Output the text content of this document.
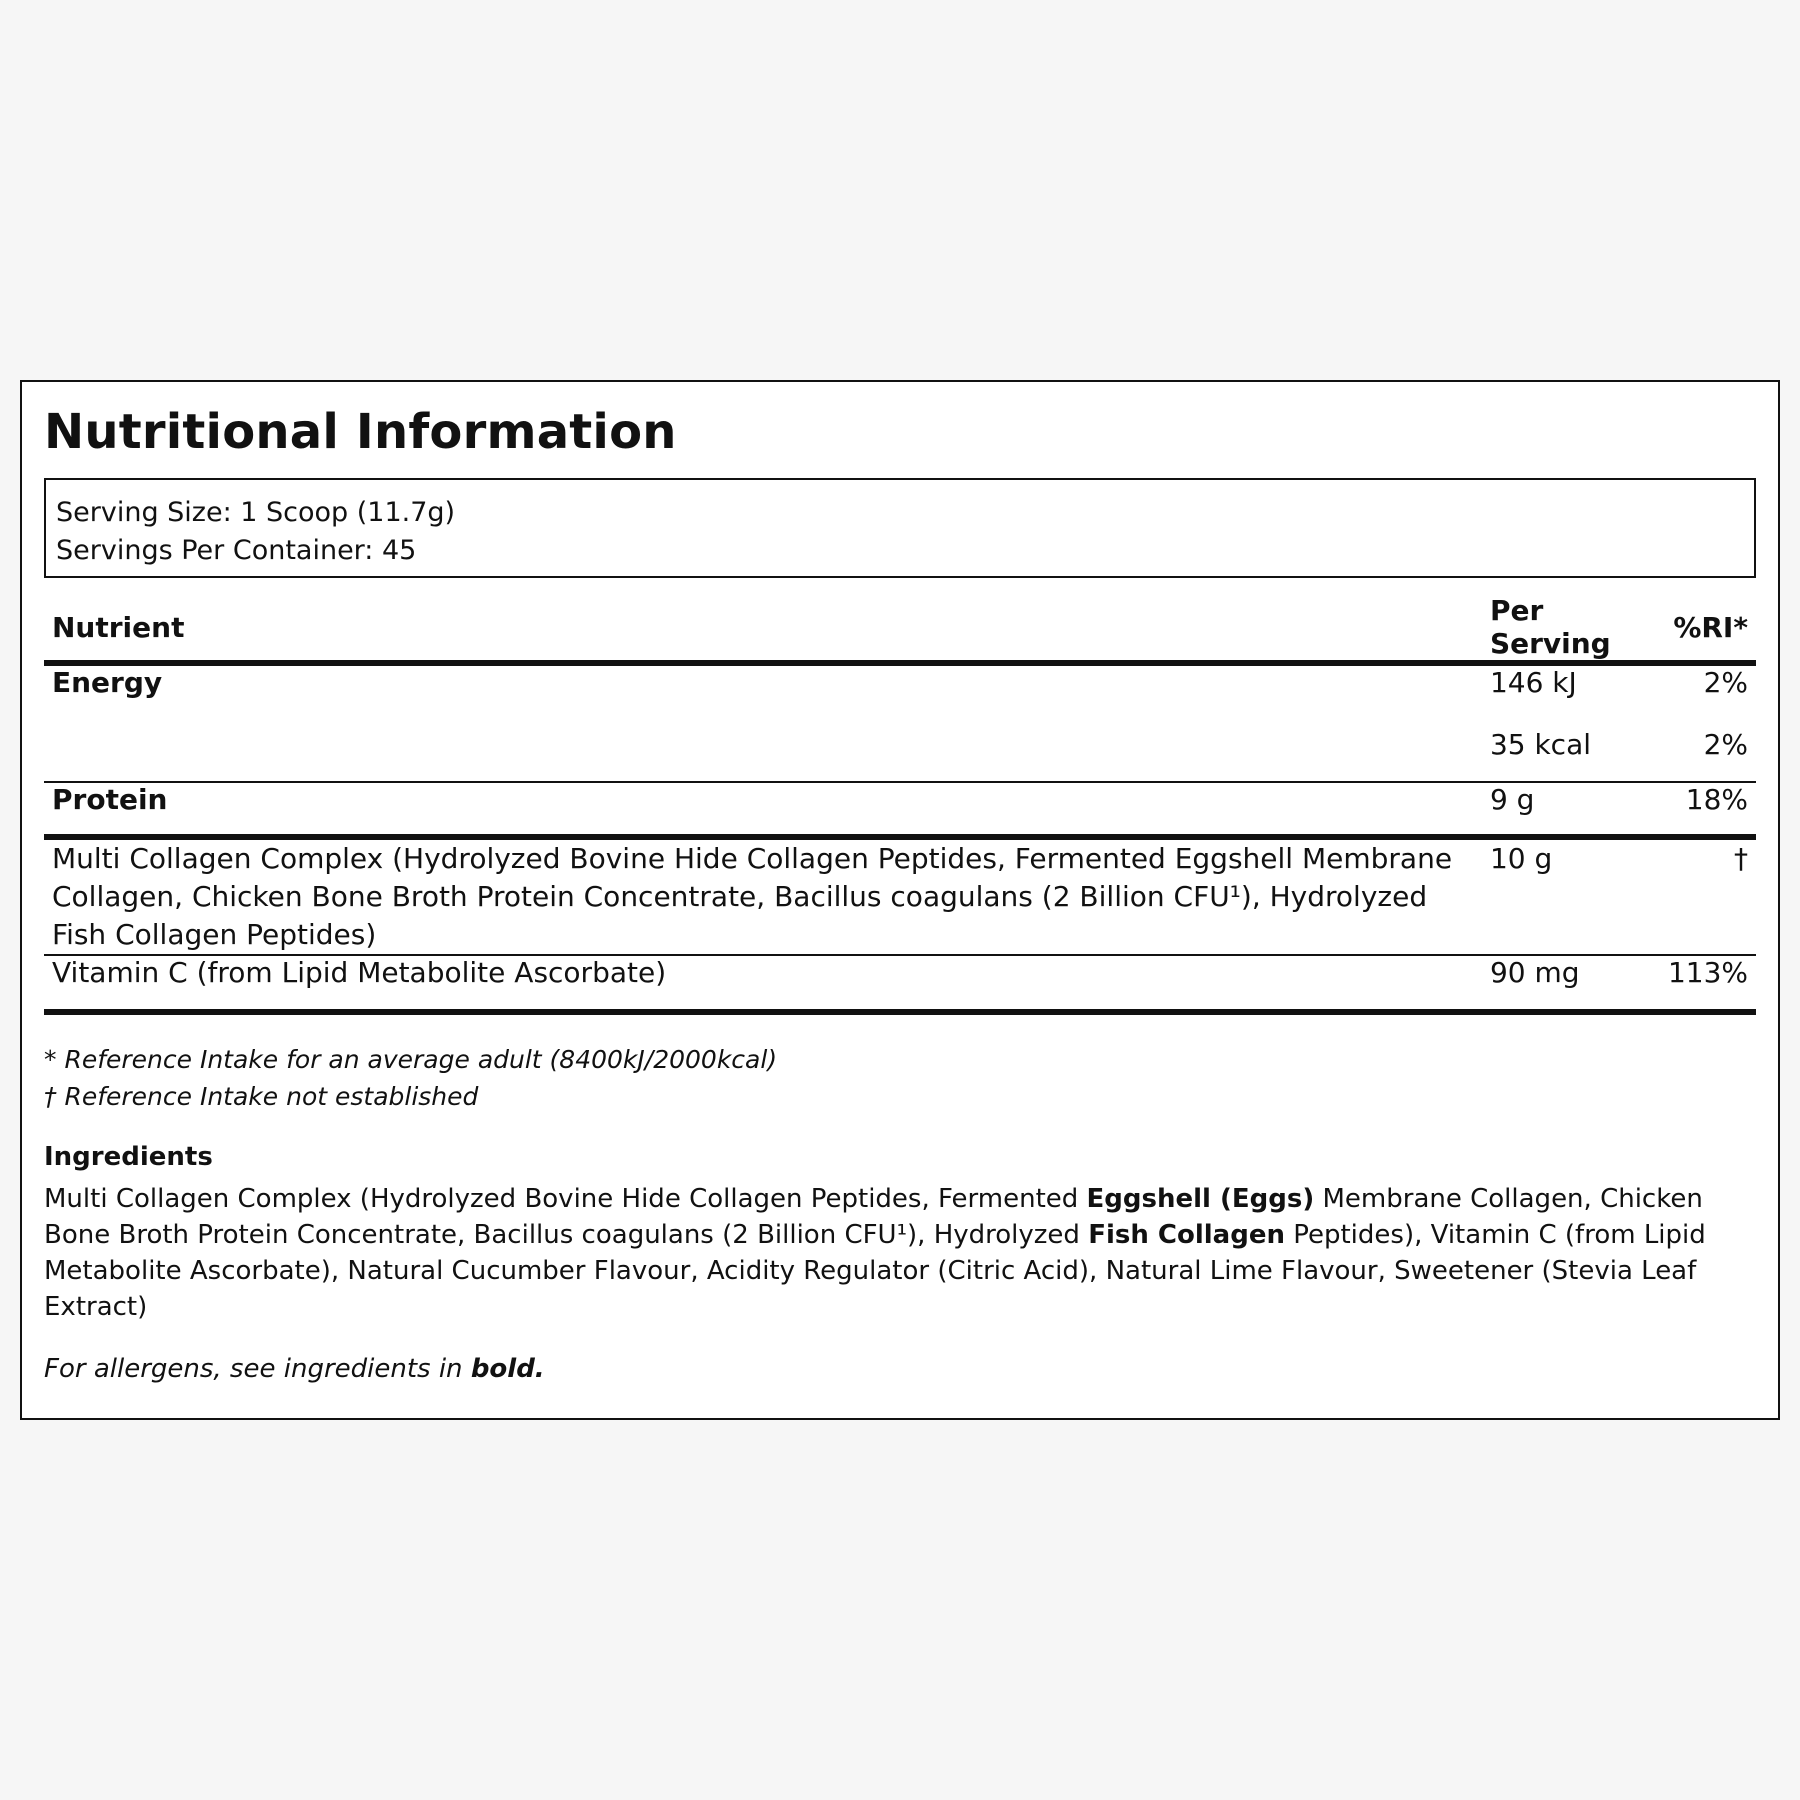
Nutritional Information
Serving Size: 1 Scoop (11.7g)
Servings Per Container: 45
Nutrient	Per Serving	%RI*

Energy	146 kJ	2%
	35 kcal	2%

Protein	9 g	18%

Multi Collagen Complex (Hydrolyzed Bovine Hide Collagen Peptides, Fermented Eggshell Membrane Collagen, Chicken Bone Broth Protein Concentrate, Bacillus coagulans (2 Billion CFU¹), Hydrolyzed Fish Collagen Peptides)	10 g	†

Vitamin C (from Lipid Metabolite Ascorbate)	90 mg	113%

* Reference Intake for an average adult (8400kJ/2000kcal)
† Reference Intake not established
Ingredients
Multi Collagen Complex (Hydrolyzed Bovine Hide Collagen Peptides, Fermented Eggshell (Eggs) Membrane Collagen, Chicken Bone Broth Protein Concentrate, Bacillus coagulans (2 Billion CFU¹), Hydrolyzed Fish Collagen Peptides), Vitamin C (from Lipid Metabolite Ascorbate), Natural Cucumber Flavour, Acidity Regulator (Citric Acid), Natural Lime Flavour, Sweetener (Stevia Leaf Extract)
For allergens, see ingredients in bold.
